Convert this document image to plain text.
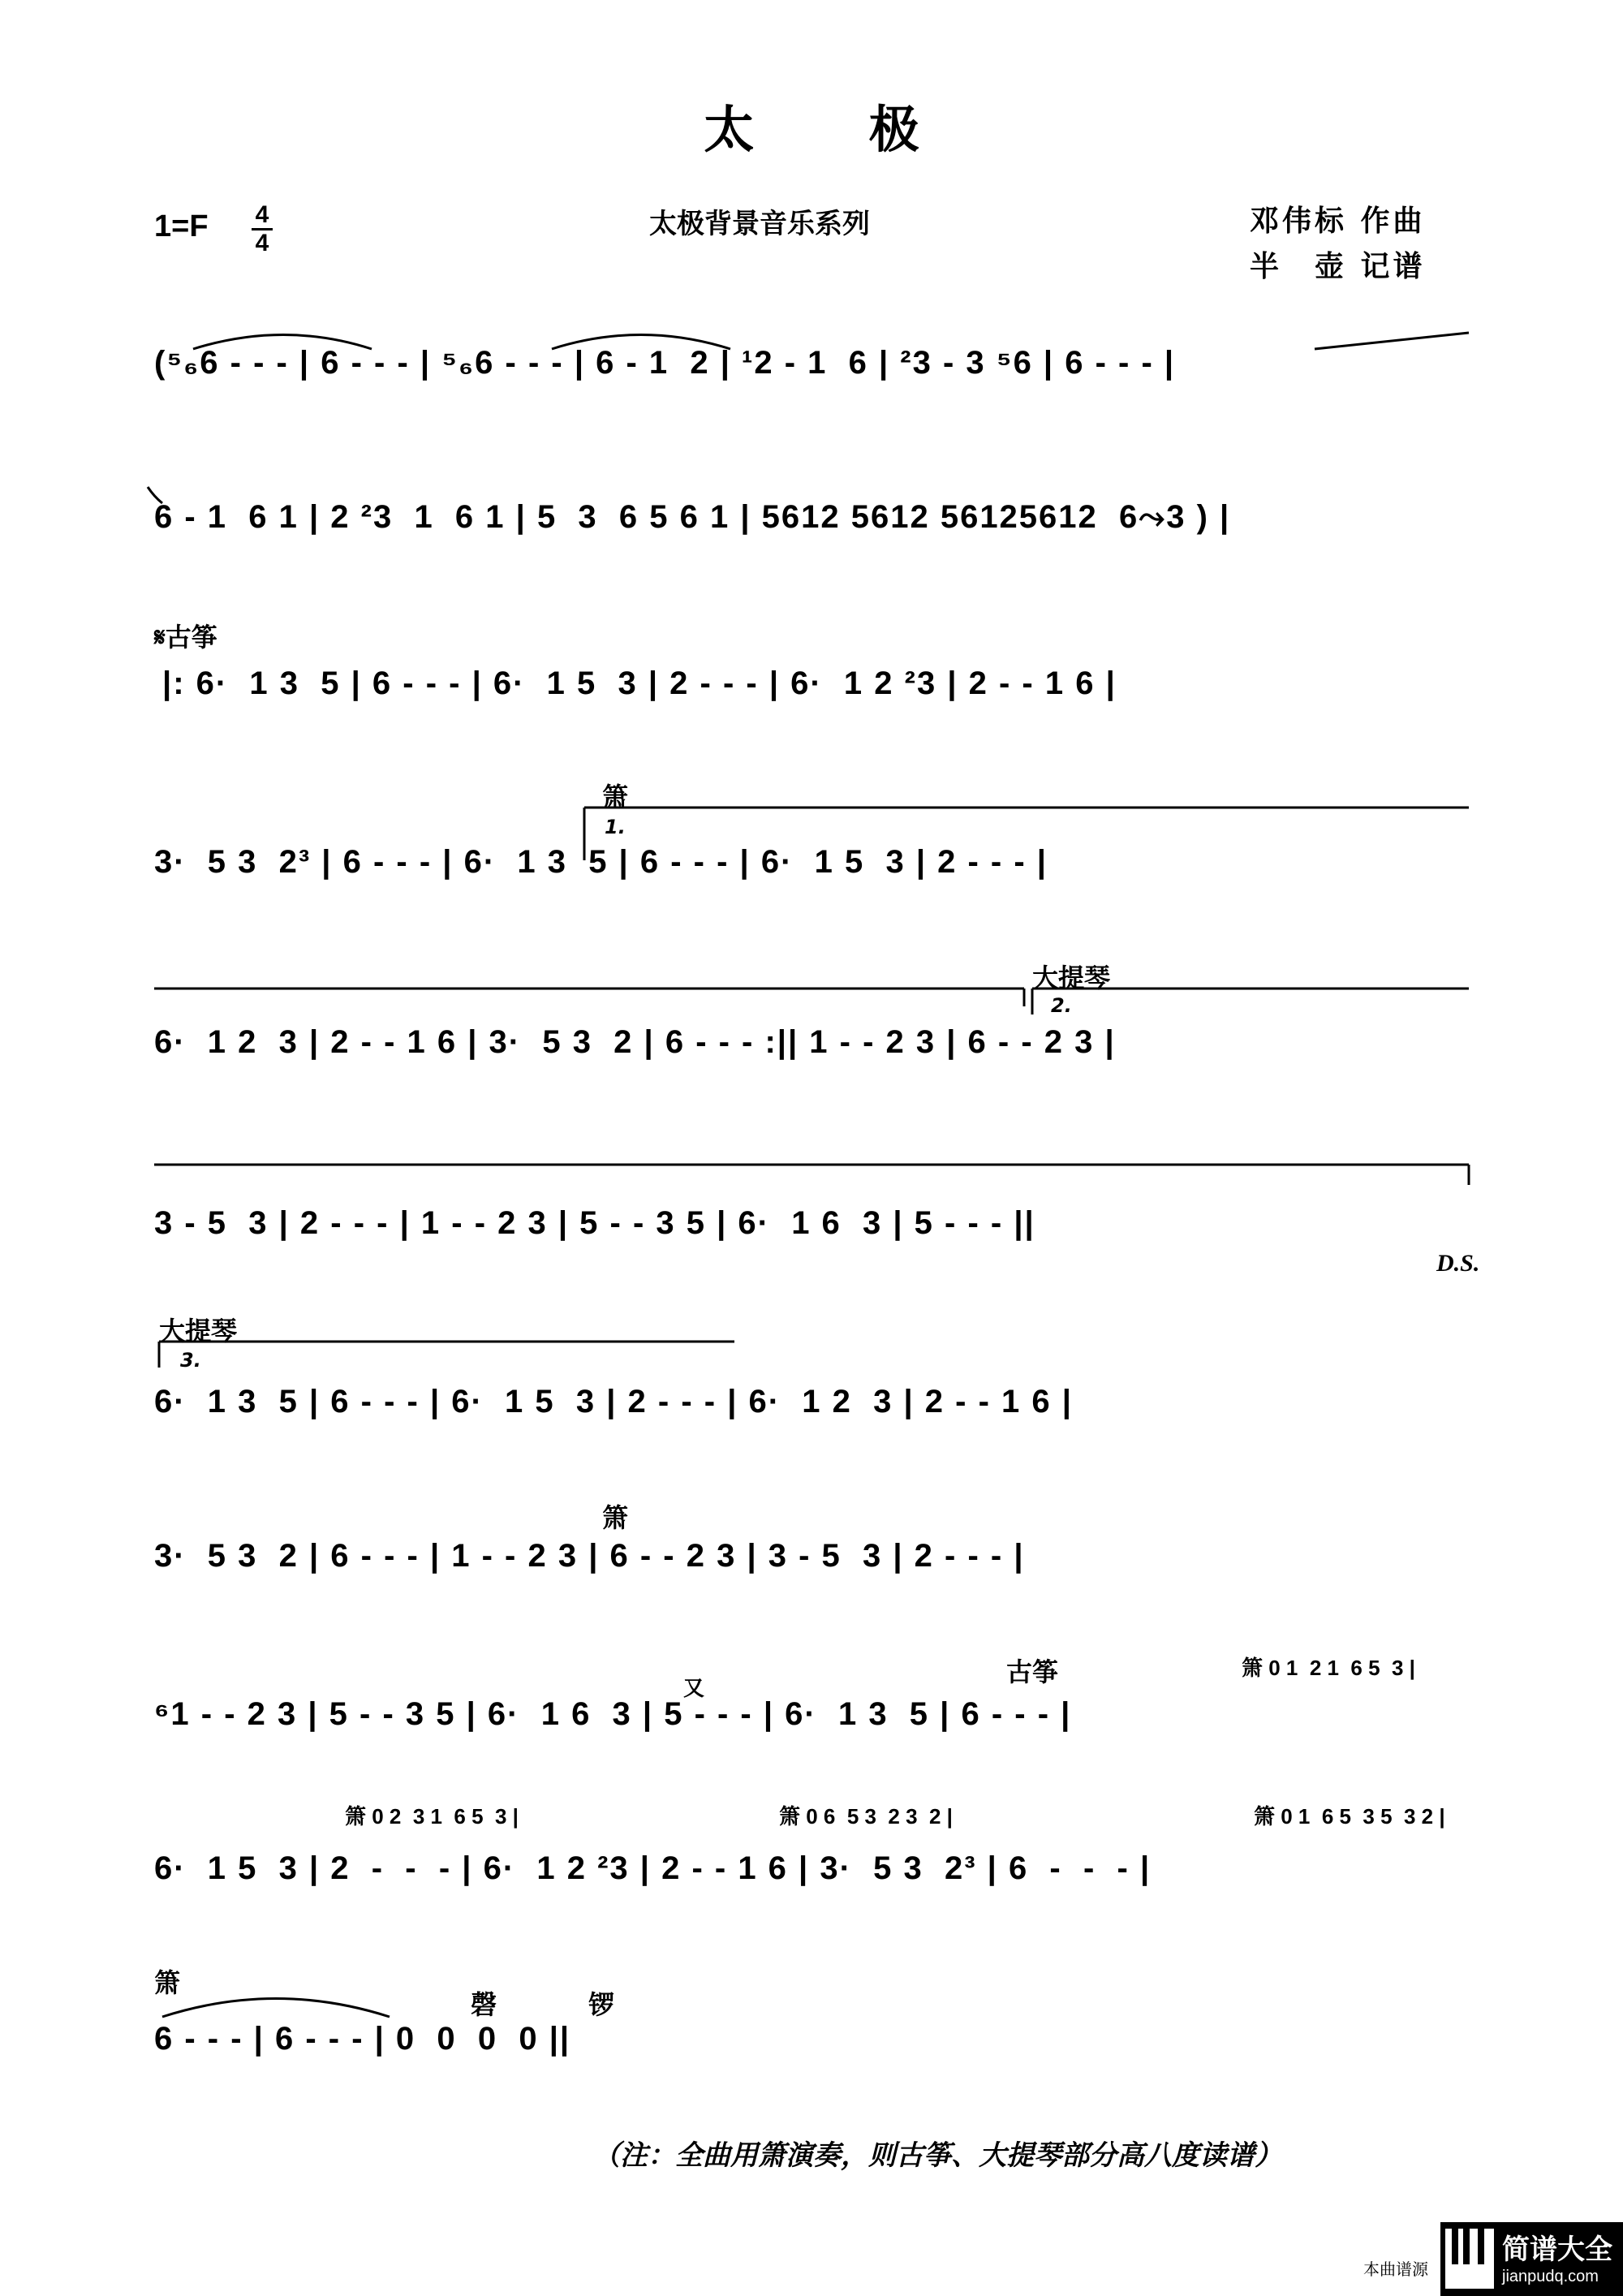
太 极
1=F 4
4
太极背景音乐系列	邓伟标 作曲
半　壶 记谱
𝄋古筝
箫
大提琴
1.
2.
3.
D.S.
大提琴
箫
又
古筝
箫
磬	锣
(⁵₆6 - - - | 6 - - - | ⁵₆6 - - - | 6 - 1  2 | ¹2 - 1  6 | ²3 - 3 ⁵6 | 6 - - - |
6 - 1  6 1 | 2 ²3  1  6 1 | 5  3  6 5 6 1 | 5612 5612 56125612  6⤳3 ) |
|: 6·  1 3  5 | 6 - - - | 6·  1 5  3 | 2 - - - | 6·  1 2 ²3 | 2 - - 1 6 |
3·  5 3  2³ | 6 - - - | 6·  1 3  5 | 6 - - - | 6·  1 5  3 | 2 - - - |
6·  1 2  3 | 2 - - 1 6 | 3·  5 3  2 | 6 - - - :|| 1 - - 2 3 | 6 - - 2 3 |
3 - 5  3 | 2 - - - | 1 - - 2 3 | 5 - - 3 5 | 6·  1 6  3 | 5 - - - ||
6·  1 3  5 | 6 - - - | 6·  1 5  3 | 2 - - - | 6·  1 2  3 | 2 - - 1 6 |
3·  5 3  2 | 6 - - - | 1 - - 2 3 | 6 - - 2 3 | 3 - 5  3 | 2 - - - |
⁶1 - - 2 3 | 5 - - 3 5 | 6·  1 6  3 | 5 - - - | 6·  1 3  5 | 6 - - - |
6·  1 5  3 | 2  -  -  - | 6·  1 2 ²3 | 2 - - 1 6 | 3·  5 3  2³ | 6  -  -  - |
6 - - - | 6 - - - | 0  0  0  0 ||
箫 0 1  2 1  6 5  3 |
箫 0 2  3 1  6 5  3 |	箫 0 6  5 3  2 3  2 |	箫 0 1  6 5  3 5  3 2 |
（注：全曲用箫演奏，则古筝、大提琴部分高八度读谱）
本曲谱源
简谱大全
jianpudq.com
